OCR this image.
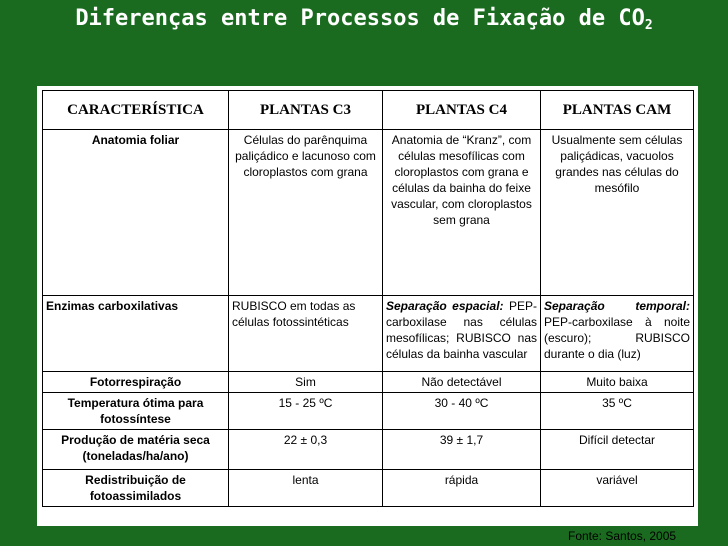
Diferenças entre Processos de Fixação de $CO_2$
CARACTERÍSTICA	PLANTAS C3	PLANTAS C4	PLANTAS CAM
Anatomia foliar	Células do parênquima paliçádico e lacunoso com cloroplastos com grana	Anatomia de “Kranz”, com células mesofílicas com cloroplastos com grana e células da bainha do feixe vascular, com cloroplastos sem grana	Usualmente sem células paliçádicas, vacuolos grandes nas células do mesófilo
Enzimas carboxilativas	RUBISCO em todas as células fotossintéticas	Separação espacial: PEP-carboxilase nas células mesofílicas; RUBISCO nas células da bainha vascular	Separação temporal: PEP-carboxilase à noite (escuro); RUBISCO durante o dia (luz)
Fotorrespiração	Sim	Não detectável	Muito baixa
Temperatura ótima para fotossíntese	15 - 25 ºC	30 - 40 ºC	35 ºC
Produção de matéria seca (toneladas/ha/ano)	22 ± 0,3	39 ± 1,7	Difícil detectar
Redistribuição de fotoassimilados	lenta	rápida	variável
Fonte: Santos, 2005
